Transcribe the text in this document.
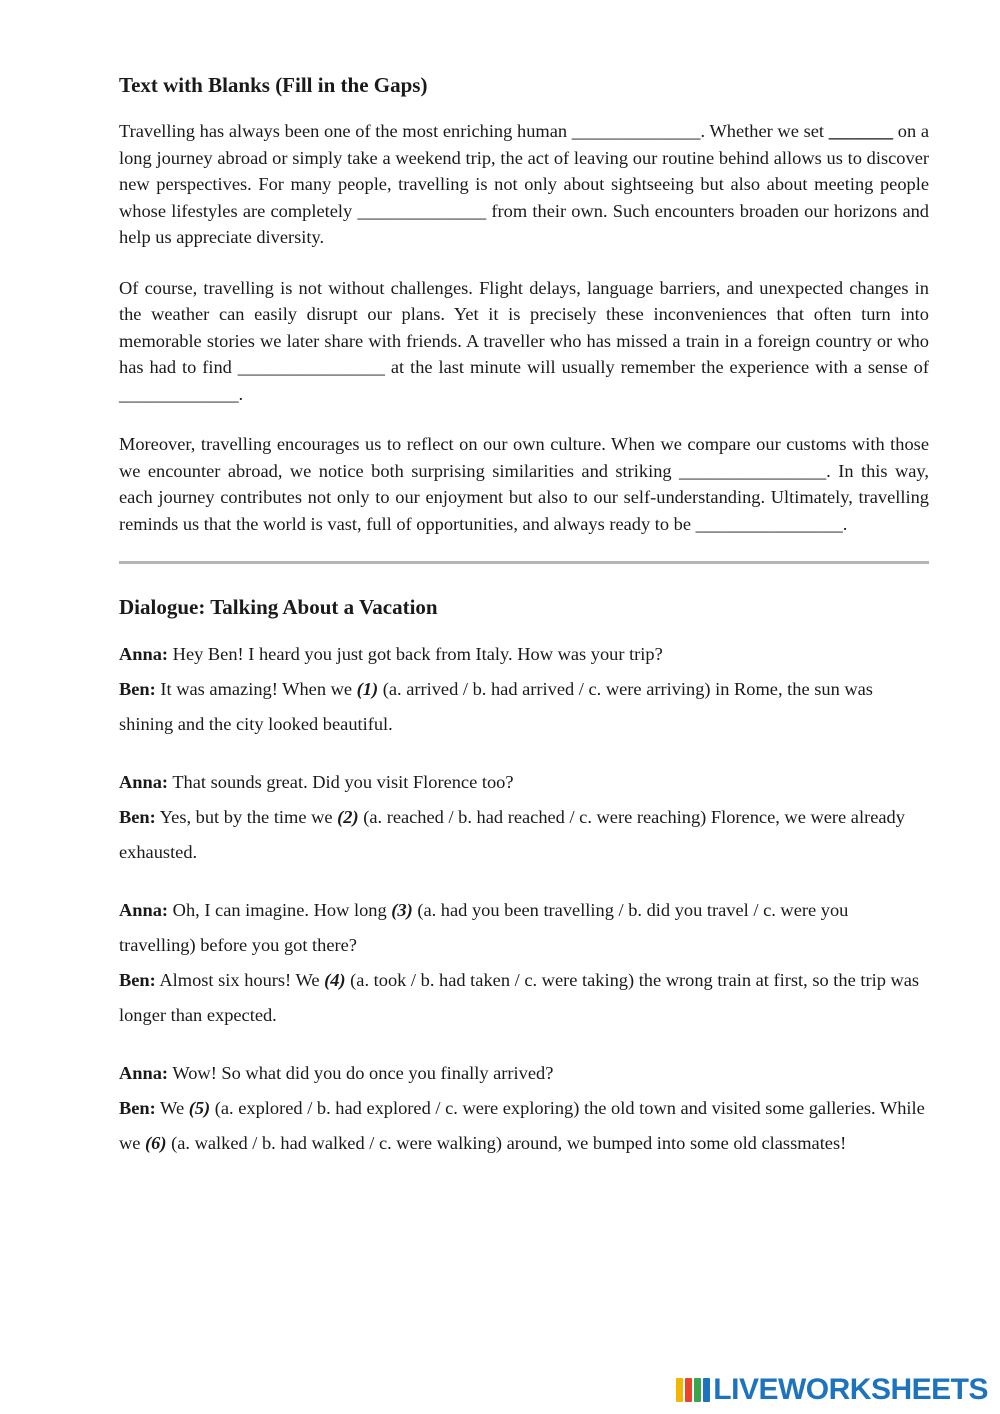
Text with Blanks (Fill in the Gaps)

Travelling has always been one of the most enriching human ______________. Whether we set _______ on a long journey abroad or simply take a weekend trip, the act of leaving our routine behind allows us to discover new perspectives. For many people, travelling is not only about sightseeing but also about meeting people whose lifestyles are completely ______________ from their own. Such encounters broaden our horizons and help us appreciate diversity.

Of course, travelling is not without challenges. Flight delays, language barriers, and unexpected changes in the weather can easily disrupt our plans. Yet it is precisely these inconveniences that often turn into memorable stories we later share with friends. A traveller who has missed a train in a foreign country or who has had to find ________________ at the last minute will usually remember the experience with a sense of _____________.

Moreover, travelling encourages us to reflect on our own culture. When we compare our customs with those we encounter abroad, we notice both surprising similarities and striking ________________. In this way, each journey contributes not only to our enjoyment but also to our self-understanding. Ultimately, travelling reminds us that the world is vast, full of opportunities, and always ready to be ________________.

Dialogue: Talking About a Vacation

Anna: Hey Ben! I heard you just got back from Italy. How was your trip?

Ben: It was amazing! When we (1) (a. arrived / b. had arrived / c. were arriving) in Rome, the sun was shining and the city looked beautiful.

Anna: That sounds great. Did you visit Florence too?

Ben: Yes, but by the time we (2) (a. reached / b. had reached / c. were reaching) Florence, we were already exhausted.

Anna: Oh, I can imagine. How long (3) (a. had you been travelling / b. did you travel / c. were you travelling) before you got there?

Ben: Almost six hours! We (4) (a. took / b. had taken / c. were taking) the wrong train at first, so the trip was longer than expected.

Anna: Wow! So what did you do once you finally arrived?

Ben: We (5) (a. explored / b. had explored / c. were exploring) the old town and visited some galleries. While we (6) (a. walked / b. had walked / c. were walking) around, we bumped into some old classmates!

LIVEWORKSHEETS
